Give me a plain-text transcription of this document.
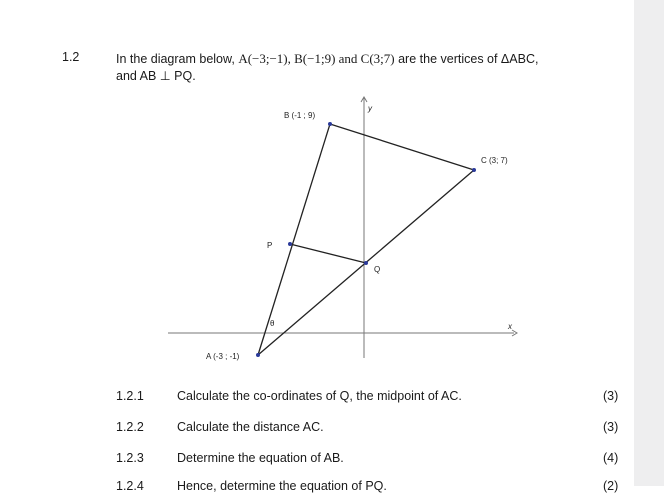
1.2	In the diagram below, A(−3;−1), B(−1;9) and C(3;7) are the vertices of ΔABC,
and AB ⊥ PQ.
A (-3 ; -1)
B (-1 ; 9)
C (3; 7)
P
Q
θ	x
y
1.2.1	Calculate the co-ordinates of Q, the midpoint of AC.	(3)
1.2.2	Calculate the distance AC.	(3)
1.2.3	Determine the equation of AB.	(4)
1.2.4	Hence, determine the equation of PQ.	(2)
